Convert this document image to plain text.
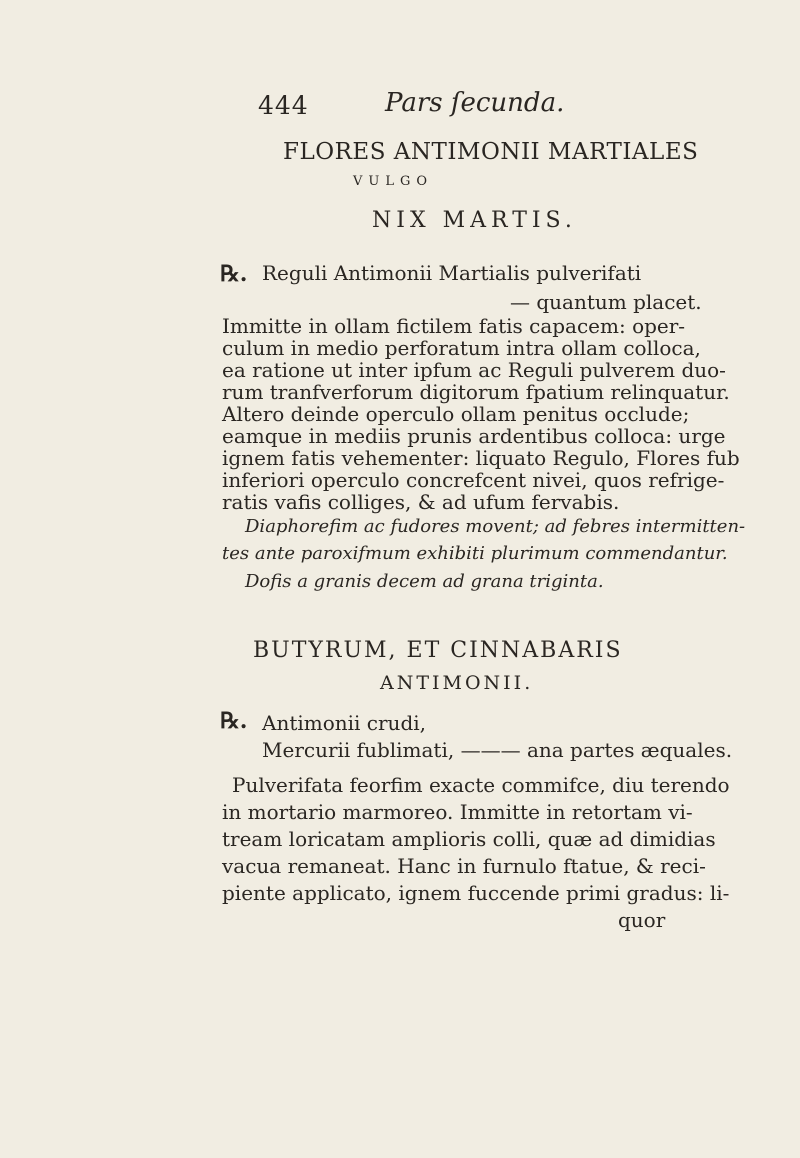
444	Pars ſecunda.
FLORES ANTIMONII MARTIALES
VULGO
NIX MARTIS.
℞. Reguli Antimonii Martialis pulverifati
— quantum placet.
Immitte in ollam fictilem fatis capacem: oper-
culum in medio perforatum intra ollam colloca,
ea ratione ut inter ipfum ac Reguli pulverem duo-
rum tranfverforum digitorum fpatium relinquatur.
Altero deinde operculo ollam penitus occlude;
eamque in mediis prunis ardentibus colloca: urge
ignem fatis vehementer: liquato Regulo, Flores fub
inferiori operculo concrefcent nivei, quos refrige-
ratis vafis colliges, & ad ufum fervabis.
Diaphorefim ac fudores movent; ad febres intermitten-
tes ante paroxifmum exhibiti plurimum commendantur.
Dofis a granis decem ad grana triginta.
BUTYRUM, ET CINNABARIS
ANTIMONII.
℞. Antimonii crudi,
Mercurii fublimati, ——— ana partes æquales.
Pulverifata feorfim exacte commifce, diu terendo
in mortario marmoreo. Immitte in retortam vi-
tream loricatam amplioris colli, quæ ad dimidias
vacua remaneat. Hanc in furnulo ftatue, & reci-
piente applicato, ignem fuccende primi gradus: li-
quor
